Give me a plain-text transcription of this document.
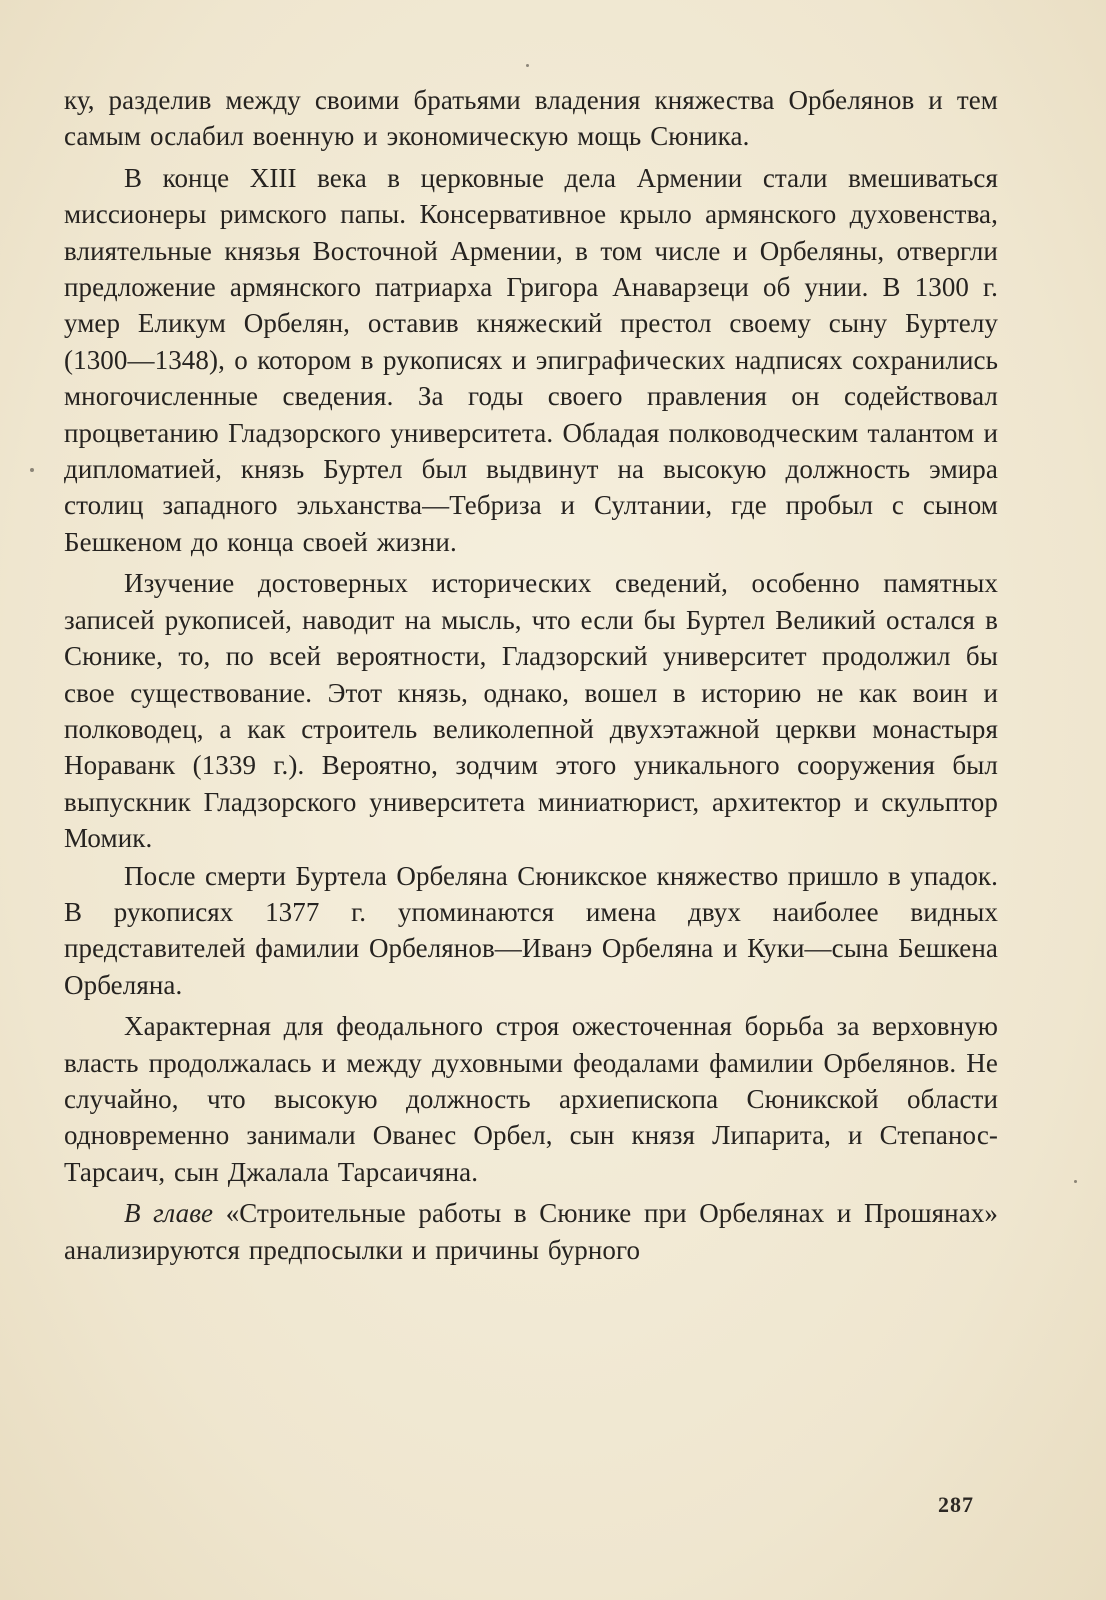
ку, разделив между своими братьями владения княжества Орбелянов и тем самым ослабил военную и экономическую мощь Сюника.

В конце XIII века в церковные дела Армении стали вмешиваться миссионеры римского папы. Консервативное крыло армянского духовенства, влиятельные князья Восточной Армении, в том числе и Орбеляны, отвергли предложение армянского патриарха Григора Анаварзеци об унии. В 1300 г. умер Еликум Орбелян, оставив княжеский престол своему сыну Буртелу (1300—1348), о котором в рукописях и эпиграфических надписях сохранились многочисленные сведения. За годы своего правления он содействовал процветанию Гладзорского университета. Обладая полководческим талантом и дипломатией, князь Буртел был выдвинут на высокую должность эмира столиц западного эльханства—Тебриза и Султании, где пробыл с сыном Бешкеном до конца своей жизни.

Изучение достоверных исторических сведений, особенно памятных записей рукописей, наводит на мысль, что если бы Буртел Великий остался в Сюнике, то, по всей вероятности, Гладзорский университет продолжил бы свое существование. Этот князь, однако, вошел в историю не как воин и полководец, а как строитель великолепной двухэтажной церкви монастыря Нораванк (1339 г.). Вероятно, зодчим этого уникального сооружения был выпускник Гладзорского университета миниатюрист, архитектор и скульптор Момик.

После смерти Буртела Орбеляна Сюникское княжество пришло в упадок. В рукописях 1377 г. упоминаются имена двух наиболее видных представителей фамилии Орбелянов—Иванэ Орбеляна и Куки—сына Бешкена Орбеляна.

Характерная для феодального строя ожесточенная борьба за верховную власть продолжалась и между духовными феодалами фамилии Орбелянов. Не случайно, что высокую должность архиепископа Сюникской области одновременно занимали Ованес Орбел, сын князя Липарита, и Степанос-Тарсаич, сын Джалала Тарсаичяна.

В главе «Строительные работы в Сюнике при Орбелянах и Прошянах» анализируются предпосылки и причины бурного

287
